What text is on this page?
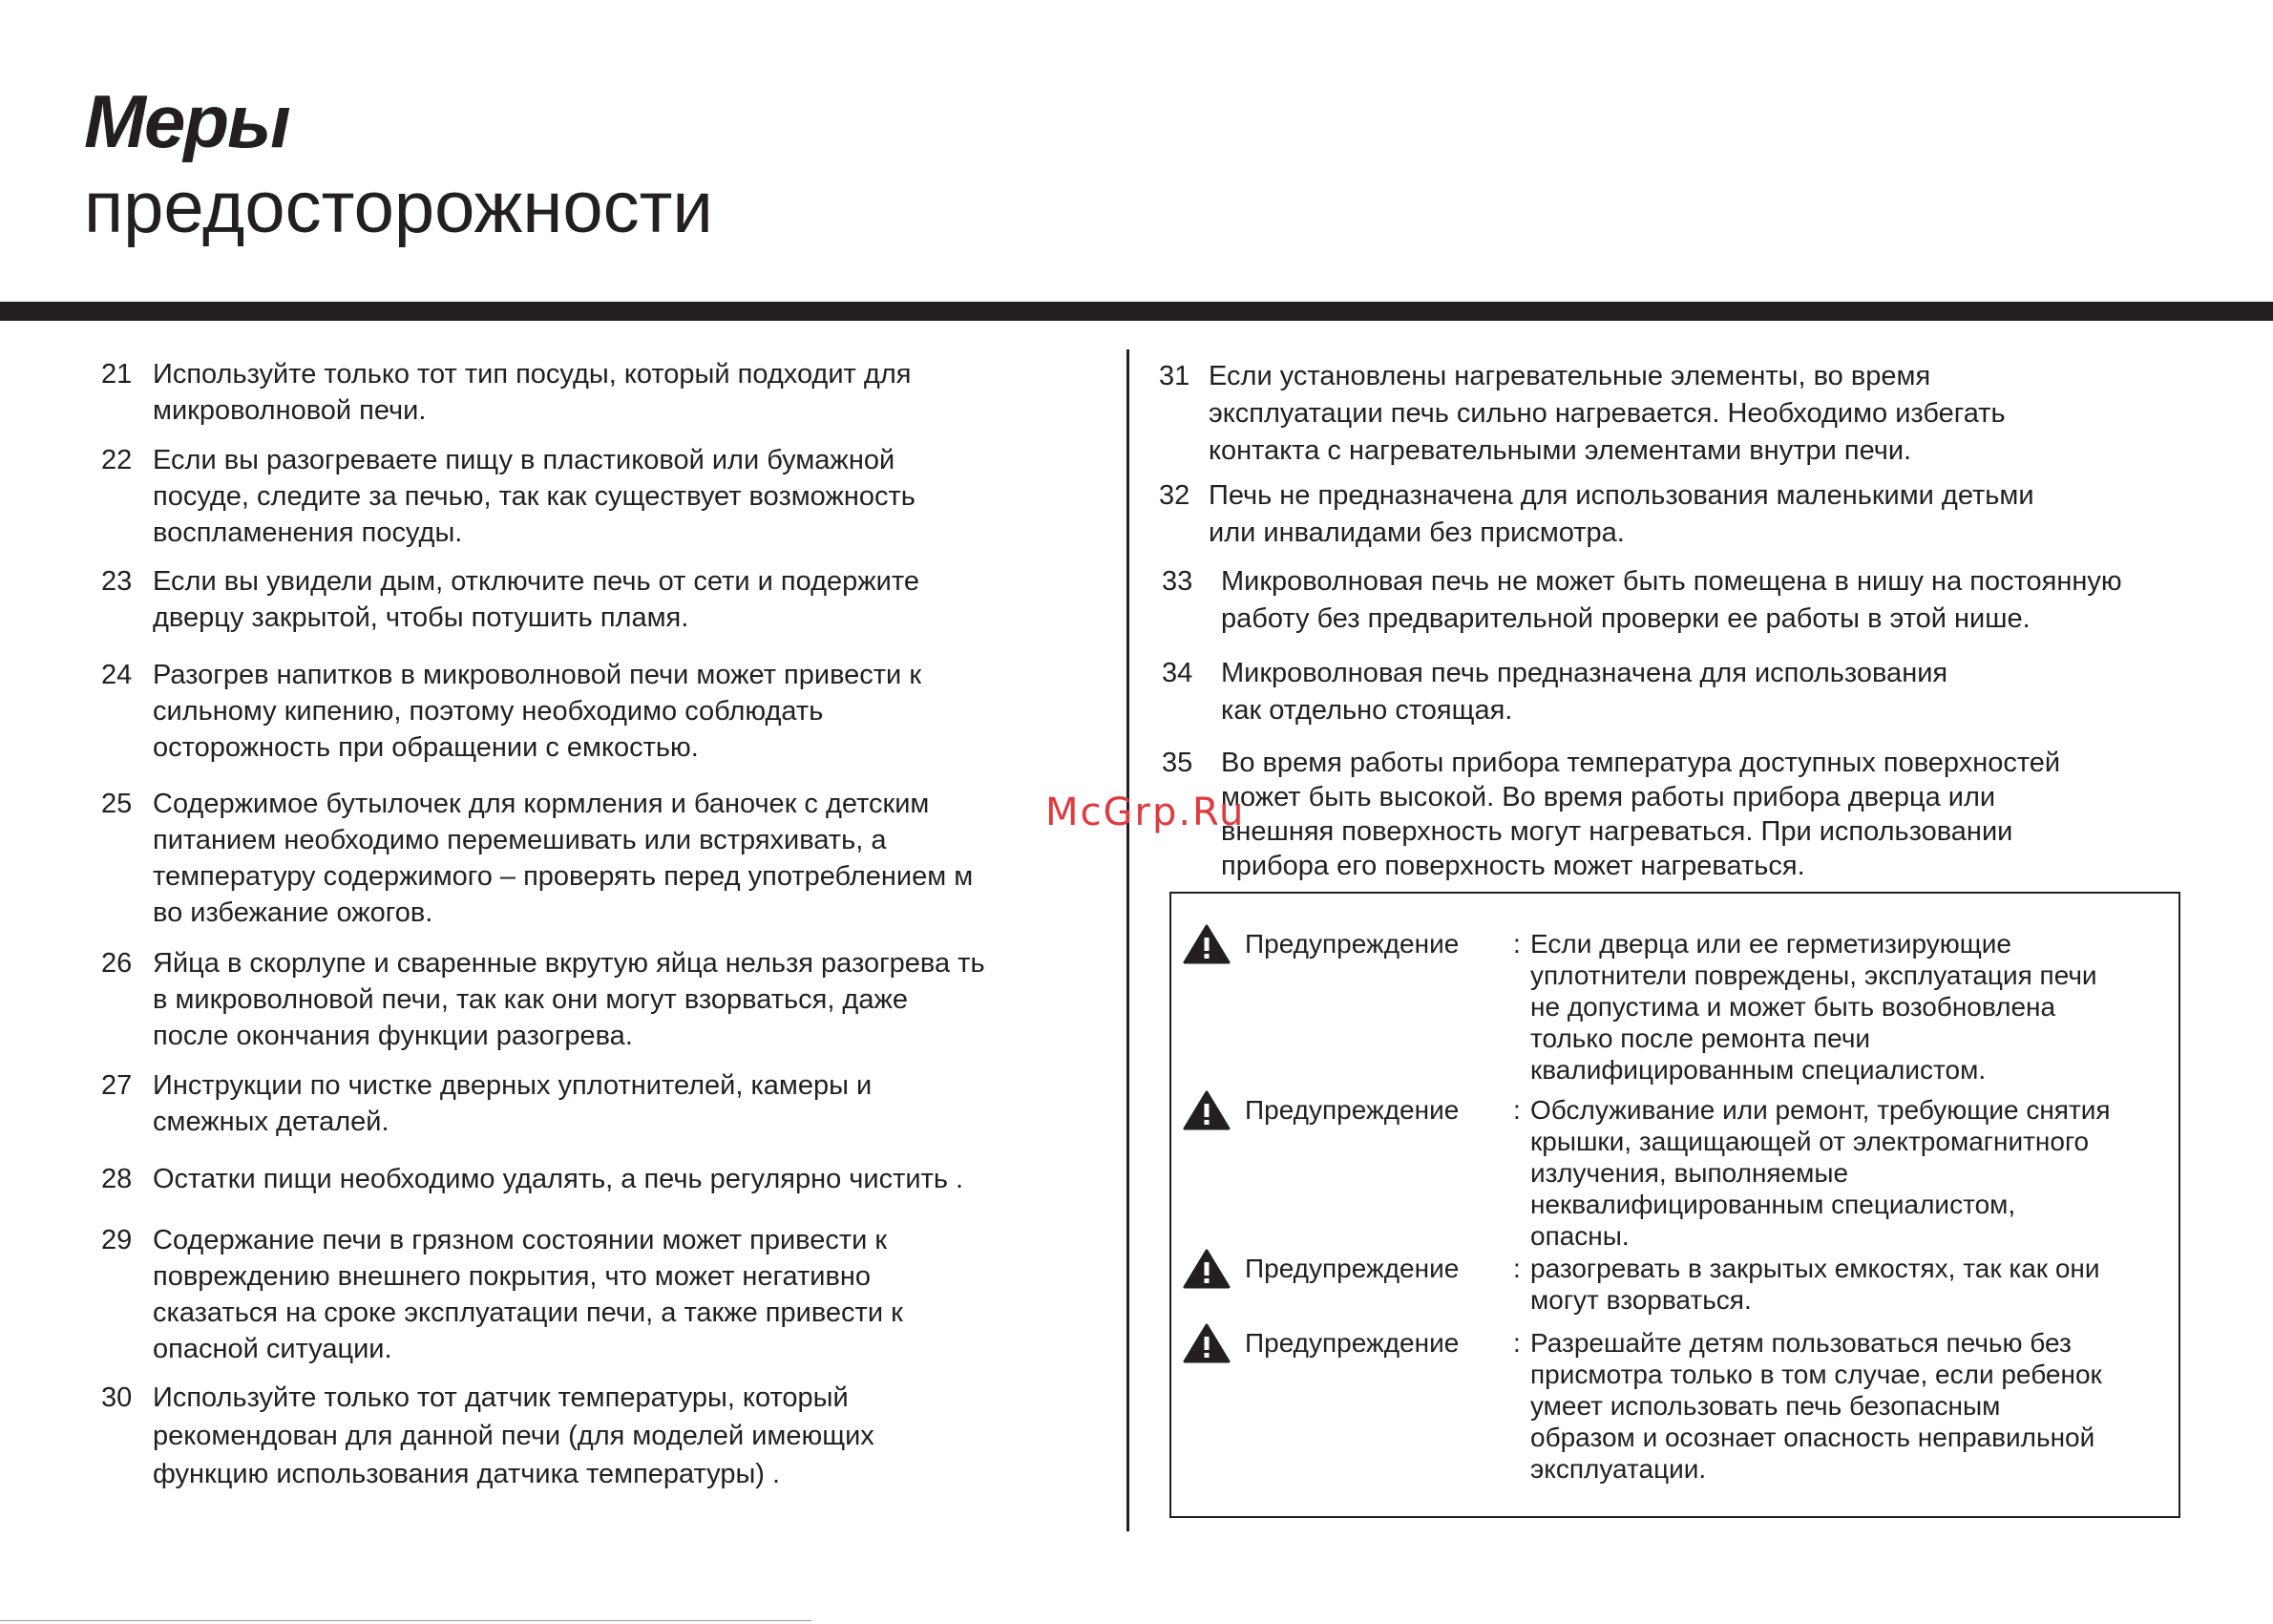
Меры
предосторожности
21 Используйте только тот тип посуды, который подходит для
микроволновой печи.
22 Если вы разогреваете пищу в пластиковой или бумажной
посуде, следите за печью, так как существует возможность
воспламенения посуды.
23 Если вы увидели дым, отключите печь от сети и подержите
дверцу закрытой, чтобы потушить пламя.
24 Разогрев напитков в микроволновой печи может привести к
сильному кипению, поэтому необходимо соблюдать
осторожность при обращении с емкостью.
25 Содержимое бутылочек для кормления и баночек с детским
питанием необходимо перемешивать или встряхивать, а
температуру содержимого – проверять перед употреблением м
во избежание ожогов.
26 Яйца в скорлупе и сваренные вкрутую яйца нельзя разогрева ть
в микроволновой печи, так как они могут взорваться, даже
после окончания функции разогрева.
27 Инструкции по чистке дверных уплотнителей, камеры и
смежных деталей.
28 Остатки пищи необходимо удалять, а печь регулярно чистить .
29 Содержание печи в грязном состоянии может привести к
повреждению внешнего покрытия, что может негативно
сказаться на сроке эксплуатации печи, а также привести к
опасной ситуации.
30 Используйте только тот датчик температуры, который
рекомендован для данной печи (для моделей имеющих
функцию использования датчика температуры) .
31 Если установлены нагревательные элементы, во время
эксплуатации печь сильно нагревается. Необходимо избегать
контакта с нагревательными элементами внутри печи.
32 Печь не предназначена для использования маленькими детьми
или инвалидами без присмотра.
33 Микроволновая печь не может быть помещена в нишу на постоянную
работу без предварительной проверки ее работы в этой нише.
34 Микроволновая печь предназначена для использования
как отдельно стоящая.
35 Во время работы прибора температура доступных поверхностей
может быть высокой. Во время работы прибора дверца или
внешняя поверхность могут нагреваться. При использовании
прибора его поверхность может нагреваться.
McGrp.Ru
Предупреждение : Если дверца или ее герметизирующие
уплотнители повреждены, эксплуатация печи
не допустима и может быть возобновлена
только после ремонта печи
квалифицированным специалистом.
Предупреждение : Обслуживание или ремонт, требующие снятия
крышки, защищающей от электромагнитного
излучения, выполняемые
неквалифицированным специалистом,
опасны.
Предупреждение : разогревать в закрытых емкостях, так как они
могут взорваться.
Предупреждение : Разрешайте детям пользоваться печью без
присмотра только в том случае, если ребенок
умеет использовать печь безопасным
образом и осознает опасность неправильной
эксплуатации.
